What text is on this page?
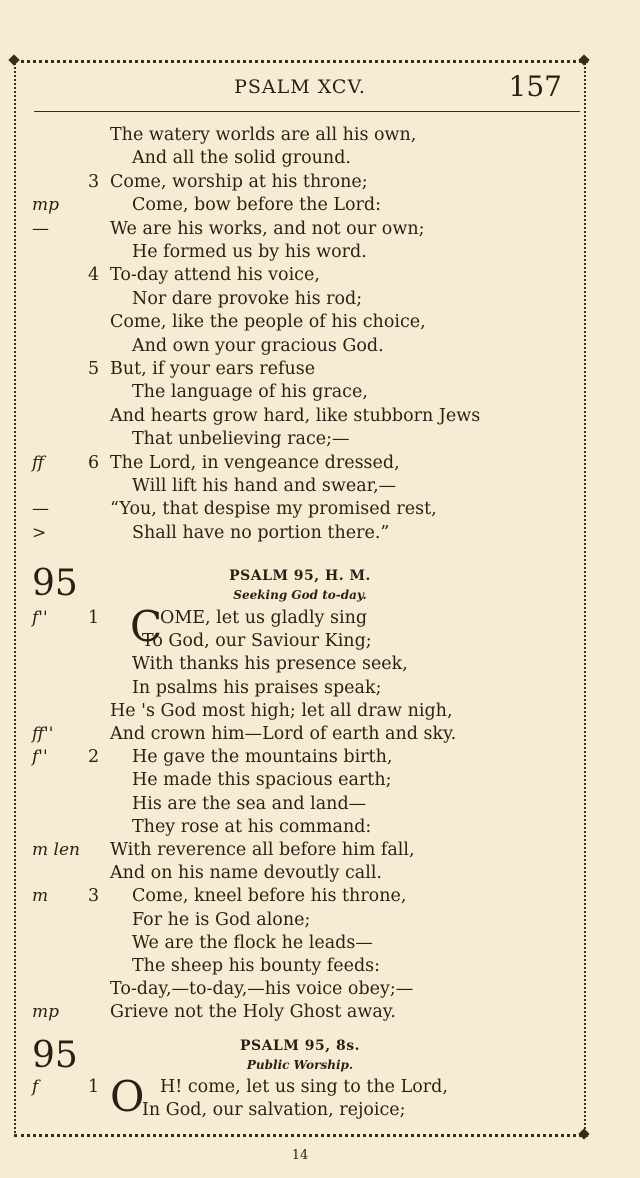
PSALM XCV.	157
The watery worlds are all his own,
And all the solid ground.
3 Come, worship at his throne;
mp	Come, bow before the Lord:
—	We are his works, and not our own;
He formed us by his word.
4 To-day attend his voice,
Nor dare provoke his rod;
Come, like the people of his choice,
And own your gracious God.
5 But, if your ears refuse
The language of his grace,
And hearts grow hard, like stubborn Jews
That unbelieving race;—
ff	6 The Lord, in vengeance dressed,
Will lift his hand and swear,—
—	“You, that despise my promised rest,
>	Shall have no portion there.”
95	PSALM 95, H. M.
Seeking God to-day.
C
f'' 1	OME, let us gladly sing
To God, our Saviour King;
With thanks his presence seek,
In psalms his praises speak;
He 's God most high; let all draw nigh,
ff''	And crown him—Lord of earth and sky.
f'' 2 He gave the mountains birth,
He made this spacious earth;
His are the sea and land—
They rose at his command:
m len With reverence all before him fall,
And on his name devoutly call.
m 3 Come, kneel before his throne,
For he is God alone;
We are the flock he leads—
The sheep his bounty feeds:
To-day,—to-day,—his voice obey;—
mp	Grieve not the Holy Ghost away.
95	PSALM 95, 8s.
Public Worship.
O
f	1	H! come, let us sing to the Lord,
In God, our salvation, rejoice;
14
